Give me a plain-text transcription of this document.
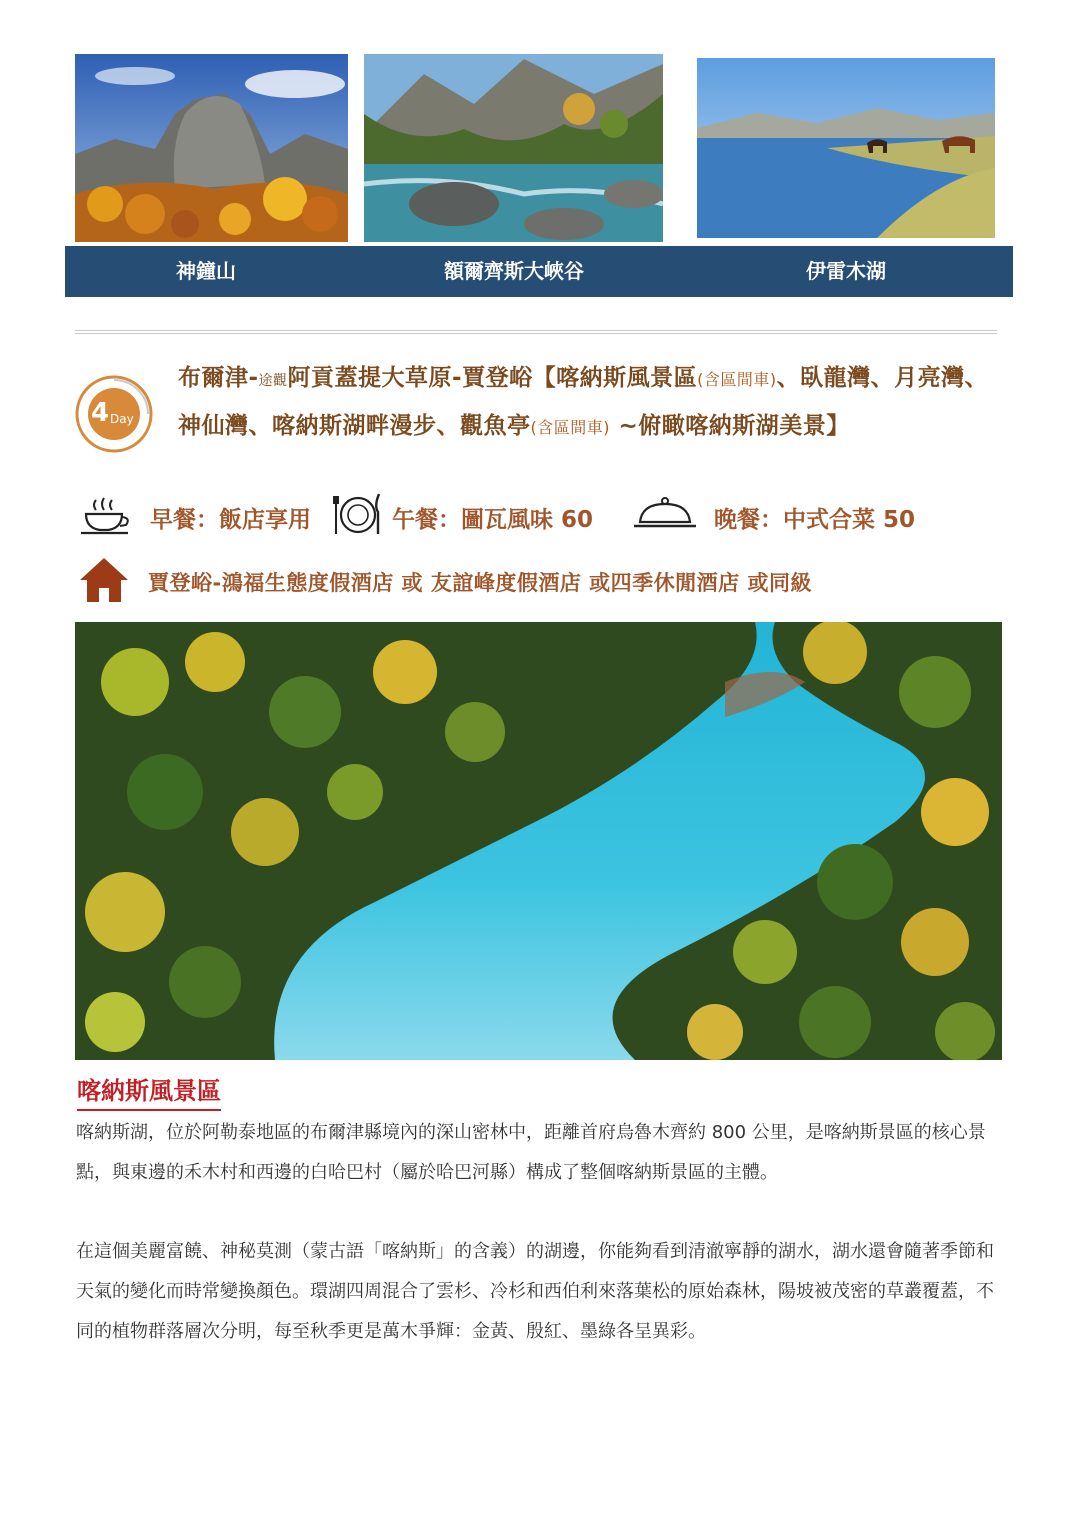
神鐘山	額爾齊斯大峽谷	伊雷木湖
4 Day
布爾津-途觀阿貢蓋提大草原-賈登峪【喀納斯風景區(含區間車)、臥龍灣、月亮灣、神仙灣、喀納斯湖畔漫步、觀魚亭(含區間車) ~俯瞰喀納斯湖美景】
早餐：飯店享用	午餐：圖瓦風味 60	晚餐：中式合菜 50
賈登峪-鴻福生態度假酒店 或 友誼峰度假酒店 或四季休閒酒店 或同級
喀納斯風景區

喀納斯湖，位於阿勒泰地區的布爾津縣境內的深山密林中，距離首府烏魯木齊約 800 公里，是喀納斯景區的核心景點，與東邊的禾木村和西邊的白哈巴村（屬於哈巴河縣）構成了整個喀納斯景區的主體。

在這個美麗富饒、神秘莫測（蒙古語「喀納斯」的含義）的湖邊，你能夠看到清澈寧靜的湖水，湖水還會隨著季節和天氣的變化而時常變換顏色。環湖四周混合了雲杉、冷杉和西伯利來落葉松的原始森林，陽坡被茂密的草叢覆蓋，不同的植物群落層次分明，每至秋季更是萬木爭輝：金黃、殷紅、墨綠各呈異彩。
